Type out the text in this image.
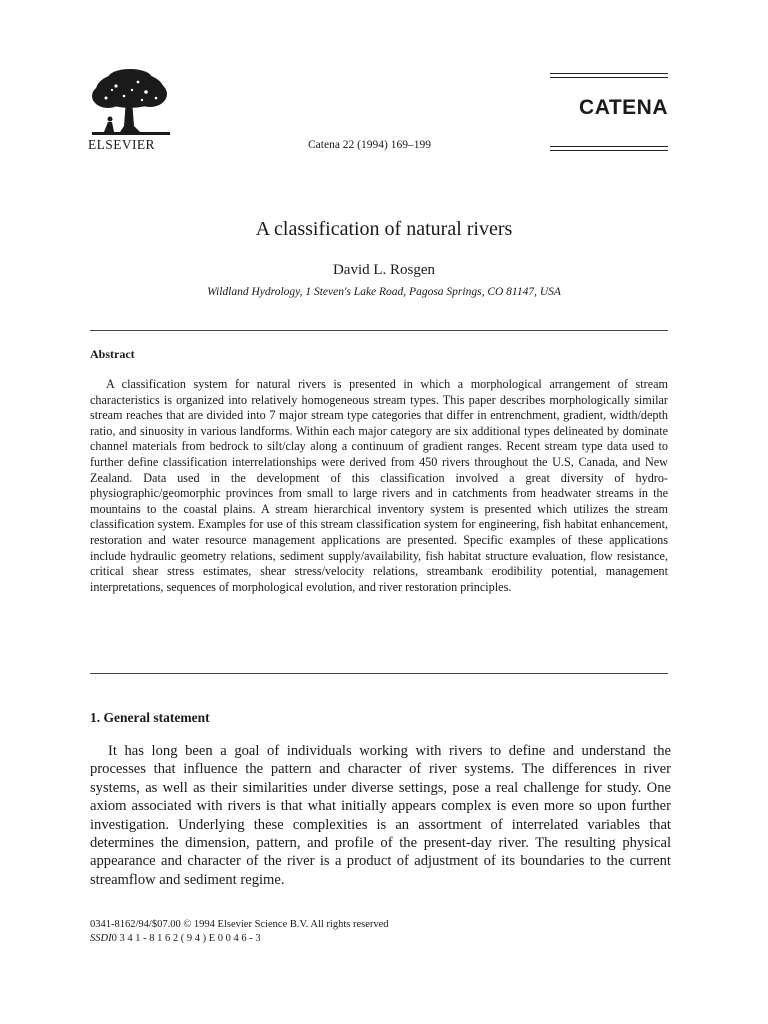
ELSEVIER	Catena 22 (1994) 169–199
CATENA
A classification of natural rivers
David L. Rosgen
Wildland Hydrology, 1 Steven's Lake Road, Pagosa Springs, CO 81147, USA
Abstract

A classification system for natural rivers is presented in which a morphological arrangement of stream characteristics is organized into relatively homogeneous stream types. This paper describes morphologically similar stream reaches that are divided into 7 major stream type categories that differ in entrenchment, gradient, width/depth ratio, and sinuosity in various landforms. Within each major category are six additional types delineated by dominate channel materials from bedrock to silt/clay along a continuum of gradient ranges. Recent stream type data used to further define classification interrelationships were derived from 450 rivers throughout the U.S, Canada, and New Zealand. Data used in the development of this classification involved a great diversity of hydro-physiographic/geomorphic provinces from small to large rivers and in catchments from headwater streams in the mountains to the coastal plains. A stream hierarchical inventory system is presented which utilizes the stream classification system. Examples for use of this stream classification system for engineering, fish habitat enhancement, restoration and water resource management applications are presented. Specific examples of these applications include hydraulic geometry relations, sediment supply/availability, fish habitat structure evaluation, flow resistance, critical shear stress estimates, shear stress/velocity relations, streambank erodibility potential, management interpretations, sequences of morphological evolution, and river restoration principles.

1. General statement

It has long been a goal of individuals working with rivers to define and understand the processes that influence the pattern and character of river systems. The differences in river systems, as well as their similarities under diverse settings, pose a real challenge for study. One axiom associated with rivers is that what initially appears complex is even more so upon further investigation. Underlying these complexities is an assortment of interrelated variables that determines the dimension, pattern, and profile of the present-day river. The resulting physical appearance and character of the river is a product of adjustment of its boundaries to the current streamflow and sediment regime.

0341-8162/94/$07.00 © 1994 Elsevier Science B.V. All rights reserved
SSDI0 3 4 1 - 8 1 6 2 ( 9 4 ) E 0 0 4 6 - 3
